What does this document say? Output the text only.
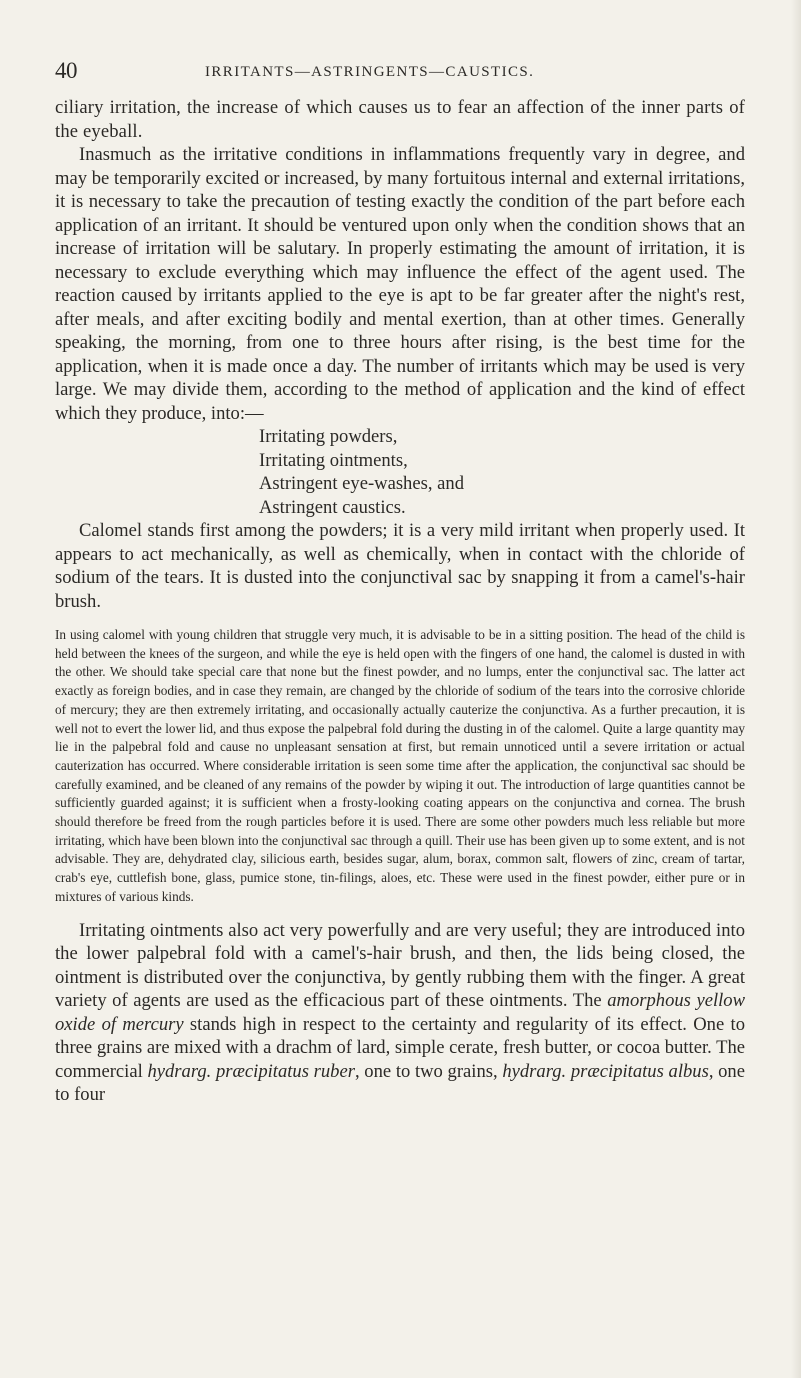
40	IRRITANTS—ASTRINGENTS—CAUSTICS.

ciliary irritation, the increase of which causes us to fear an affection of the inner parts of the eyeball.

Inasmuch as the irritative conditions in inflammations frequently vary in degree, and may be temporarily excited or increased, by many fortuitous internal and external irritations, it is necessary to take the precaution of testing exactly the condition of the part before each application of an irritant. It should be ventured upon only when the condition shows that an increase of irritation will be salutary. In properly estimating the amount of irritation, it is necessary to exclude everything which may influence the effect of the agent used. The reaction caused by irritants applied to the eye is apt to be far greater after the night's rest, after meals, and after exciting bodily and mental exertion, than at other times. Generally speaking, the morning, from one to three hours after rising, is the best time for the application, when it is made once a day. The number of irritants which may be used is very large. We may divide them, according to the method of application and the kind of effect which they produce, into:—

Irritating powders,
Irritating ointments,
Astringent eye-washes, and
Astringent caustics.

Calomel stands first among the powders; it is a very mild irritant when properly used. It appears to act mechanically, as well as chemically, when in contact with the chloride of sodium of the tears. It is dusted into the conjunctival sac by snapping it from a camel's-hair brush.

In using calomel with young children that struggle very much, it is advisable to be in a sitting position. The head of the child is held between the knees of the surgeon, and while the eye is held open with the fingers of one hand, the calomel is dusted in with the other. We should take special care that none but the finest powder, and no lumps, enter the conjunctival sac. The latter act exactly as foreign bodies, and in case they remain, are changed by the chloride of sodium of the tears into the corrosive chloride of mercury; they are then extremely irritating, and occasionally actually cauterize the conjunctiva. As a further precaution, it is well not to evert the lower lid, and thus expose the palpebral fold during the dusting in of the calomel. Quite a large quantity may lie in the palpebral fold and cause no unpleasant sensation at first, but remain unnoticed until a severe irritation or actual cauterization has occurred. Where considerable irritation is seen some time after the application, the conjunctival sac should be carefully examined, and be cleaned of any remains of the powder by wiping it out. The introduction of large quantities cannot be sufficiently guarded against; it is sufficient when a frosty-looking coating appears on the conjunctiva and cornea. The brush should therefore be freed from the rough particles before it is used. There are some other powders much less reliable but more irritating, which have been blown into the conjunctival sac through a quill. Their use has been given up to some extent, and is not advisable. They are, dehydrated clay, silicious earth, besides sugar, alum, borax, common salt, flowers of zinc, cream of tartar, crab's eye, cuttlefish bone, glass, pumice stone, tin-filings, aloes, etc. These were used in the finest powder, either pure or in mixtures of various kinds.

Irritating ointments also act very powerfully and are very useful; they are introduced into the lower palpebral fold with a camel's-hair brush, and then, the lids being closed, the ointment is distributed over the conjunctiva, by gently rubbing them with the finger. A great variety of agents are used as the efficacious part of these ointments. The amorphous yellow oxide of mercury stands high in respect to the certainty and regularity of its effect. One to three grains are mixed with a drachm of lard, simple cerate, fresh butter, or cocoa butter. The commercial hydrarg. præcipitatus ruber, one to two grains, hydrarg. præcipitatus albus, one to four
